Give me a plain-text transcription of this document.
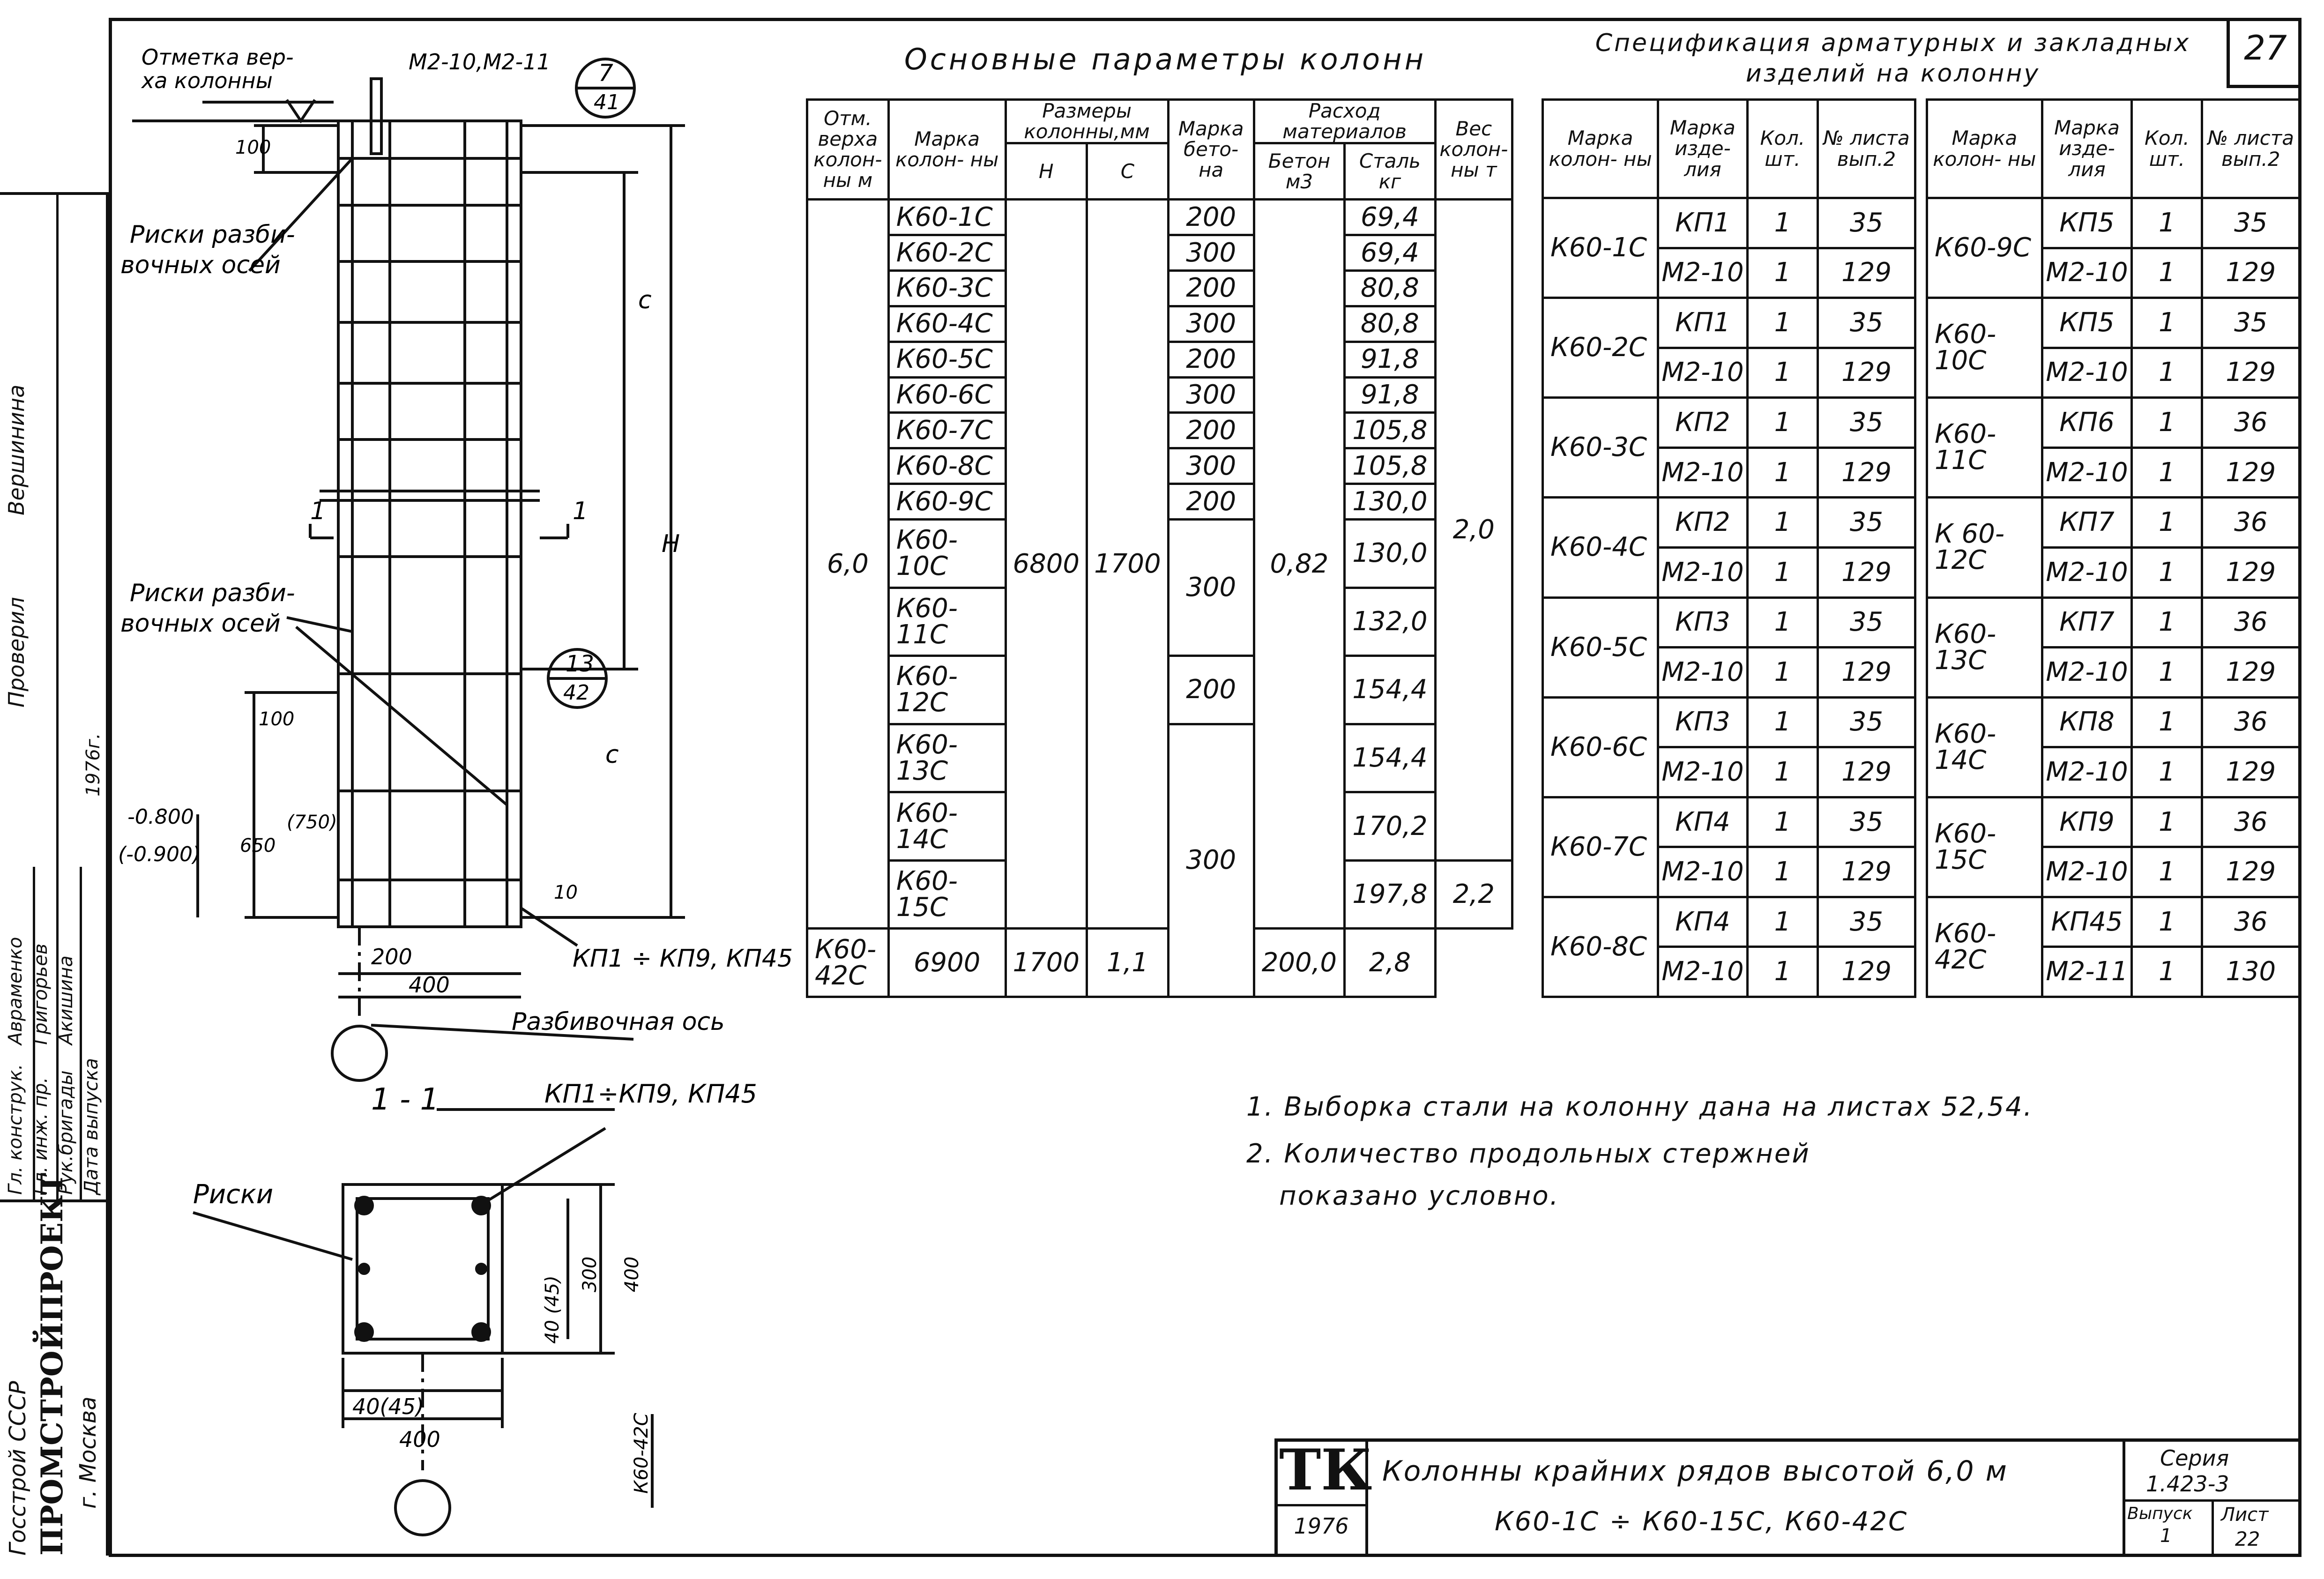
27
Проверил
Вершинина
Гл. конструк. Гл. инж. пр. Рук.бригады Дата выпуска
Авраменко Григорьев Акишина
1976г.
Госстрой СССР ПРОМСТРОЙПРОЕКТ г. Москва
Отметка вер-
ха колонны
М2-10,М2-11 7
41
13
42
Риски разби-
вочных осей
Риски разби-
вочных осей
с
с
Н
100
100
650
(750)
-0.800
(-0.900)
10
200
400
КП1 ÷ КП9, КП45
1	1
Разбивочная ось
1 - 1	КП1÷КП9, КП45
Риски
40 (45)
300 400
40(45)
400	К60-42С
Основные параметры колонн
Отм. верха колон- ны м	Марка колон- ны	Размеры колонны,мм		Марка бето- на	Расход материалов		Вес колон- ны т
		Н	С		Бетон м3	Сталь кг	
6,0	К60-1С	6800	1700	200	0,82	69,4	2,0
	К60-2С			300		69,4	
	К60-3С			200		80,8	
	К60-4С			300		80,8	
	К60-5С			200		91,8	
	К60-6С			300		91,8	
	К60-7С			200		105,8	
	К60-8С			300		105,8	
	К60-9С			200		130,0	
	К60-10С			300		130,0	
	К60-11С					132,0	
	К60-12С			200		154,4	
	К60-13С			300		154,4	
	К60-14С					170,2	
	К60-15С					197,8	2,2
К60-42С	6900	1700	1,1		200,0	2,8	
Спецификация арматурных и закладных изделий на колонну
Марка колон- ны	Марка изде- лия	Кол. шт.	№ листа вып.2
К60-1С	КП1	1	35
	М2-10	1	129
К60-2С	КП1	1	35
	М2-10	1	129
К60-3С	КП2	1	35
	М2-10	1	129
К60-4С	КП2	1	35
	М2-10	1	129
К60-5С	КП3	1	35
	М2-10	1	129
К60-6С	КП3	1	35
	М2-10	1	129
К60-7С	КП4	1	35
	М2-10	1	129
К60-8С	КП4	1	35
	М2-10	1	129
Марка колон- ны	Марка изде- лия	Кол. шт.	№ листа вып.2
К60-9С	КП5	1	35
	М2-10	1	129
К60-10С	КП5	1	35
	М2-10	1	129
К60-11С	КП6	1	36
	М2-10	1	129
К 60-12С	КП7	1	36
	М2-10	1	129
К60-13С	КП7	1	36
	М2-10	1	129
К60-14С	КП8	1	36
	М2-10	1	129
К60-15С	КП9	1	36
	М2-10	1	129
К60-42С	КП45	1	36
	М2-11	1	130
1. Выборка стали на колонну дана на листах 52,54.
2. Количество продольных стержней
показано условно.
ТК
1976
Колонны крайних рядов высотой 6,0 м
К60-1С ÷ К60-15С, К60-42С
Серия
1.423-3
Выпуск
1
Лист
22
